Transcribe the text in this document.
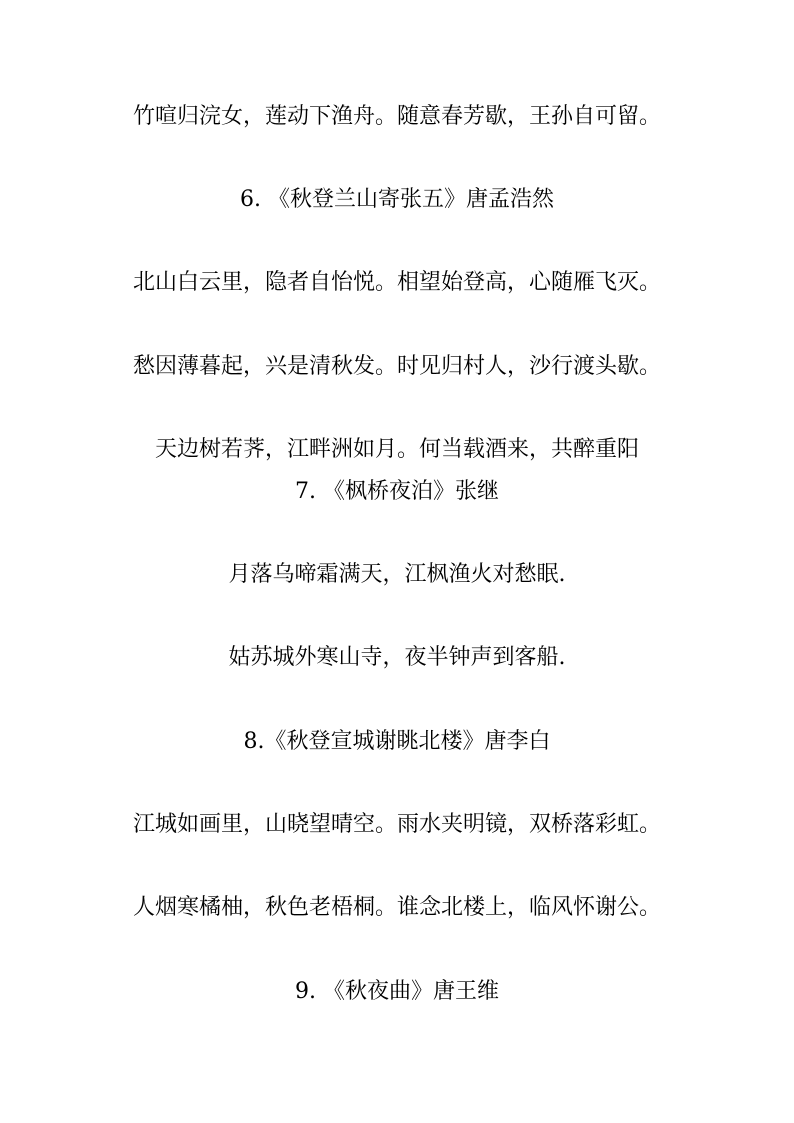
竹喧归浣女，莲动下渔舟。随意春芳歇，王孙自可留。
6. 《秋登兰山寄张五》唐孟浩然
北山白云里，隐者自怡悦。相望始登高，心随雁飞灭。
愁因薄暮起，兴是清秋发。时见归村人，沙行渡头歇。
天边树若荠，江畔洲如月。何当载酒来，共醉重阳
7. 《枫桥夜泊》张继
月落乌啼霜满天，江枫渔火对愁眠.
姑苏城外寒山寺，夜半钟声到客船.
8.《秋登宣城谢眺北楼》唐李白
江城如画里，山晓望晴空。雨水夹明镜，双桥落彩虹。
人烟寒橘柚，秋色老梧桐。谁念北楼上，临风怀谢公。
9. 《秋夜曲》唐王维
